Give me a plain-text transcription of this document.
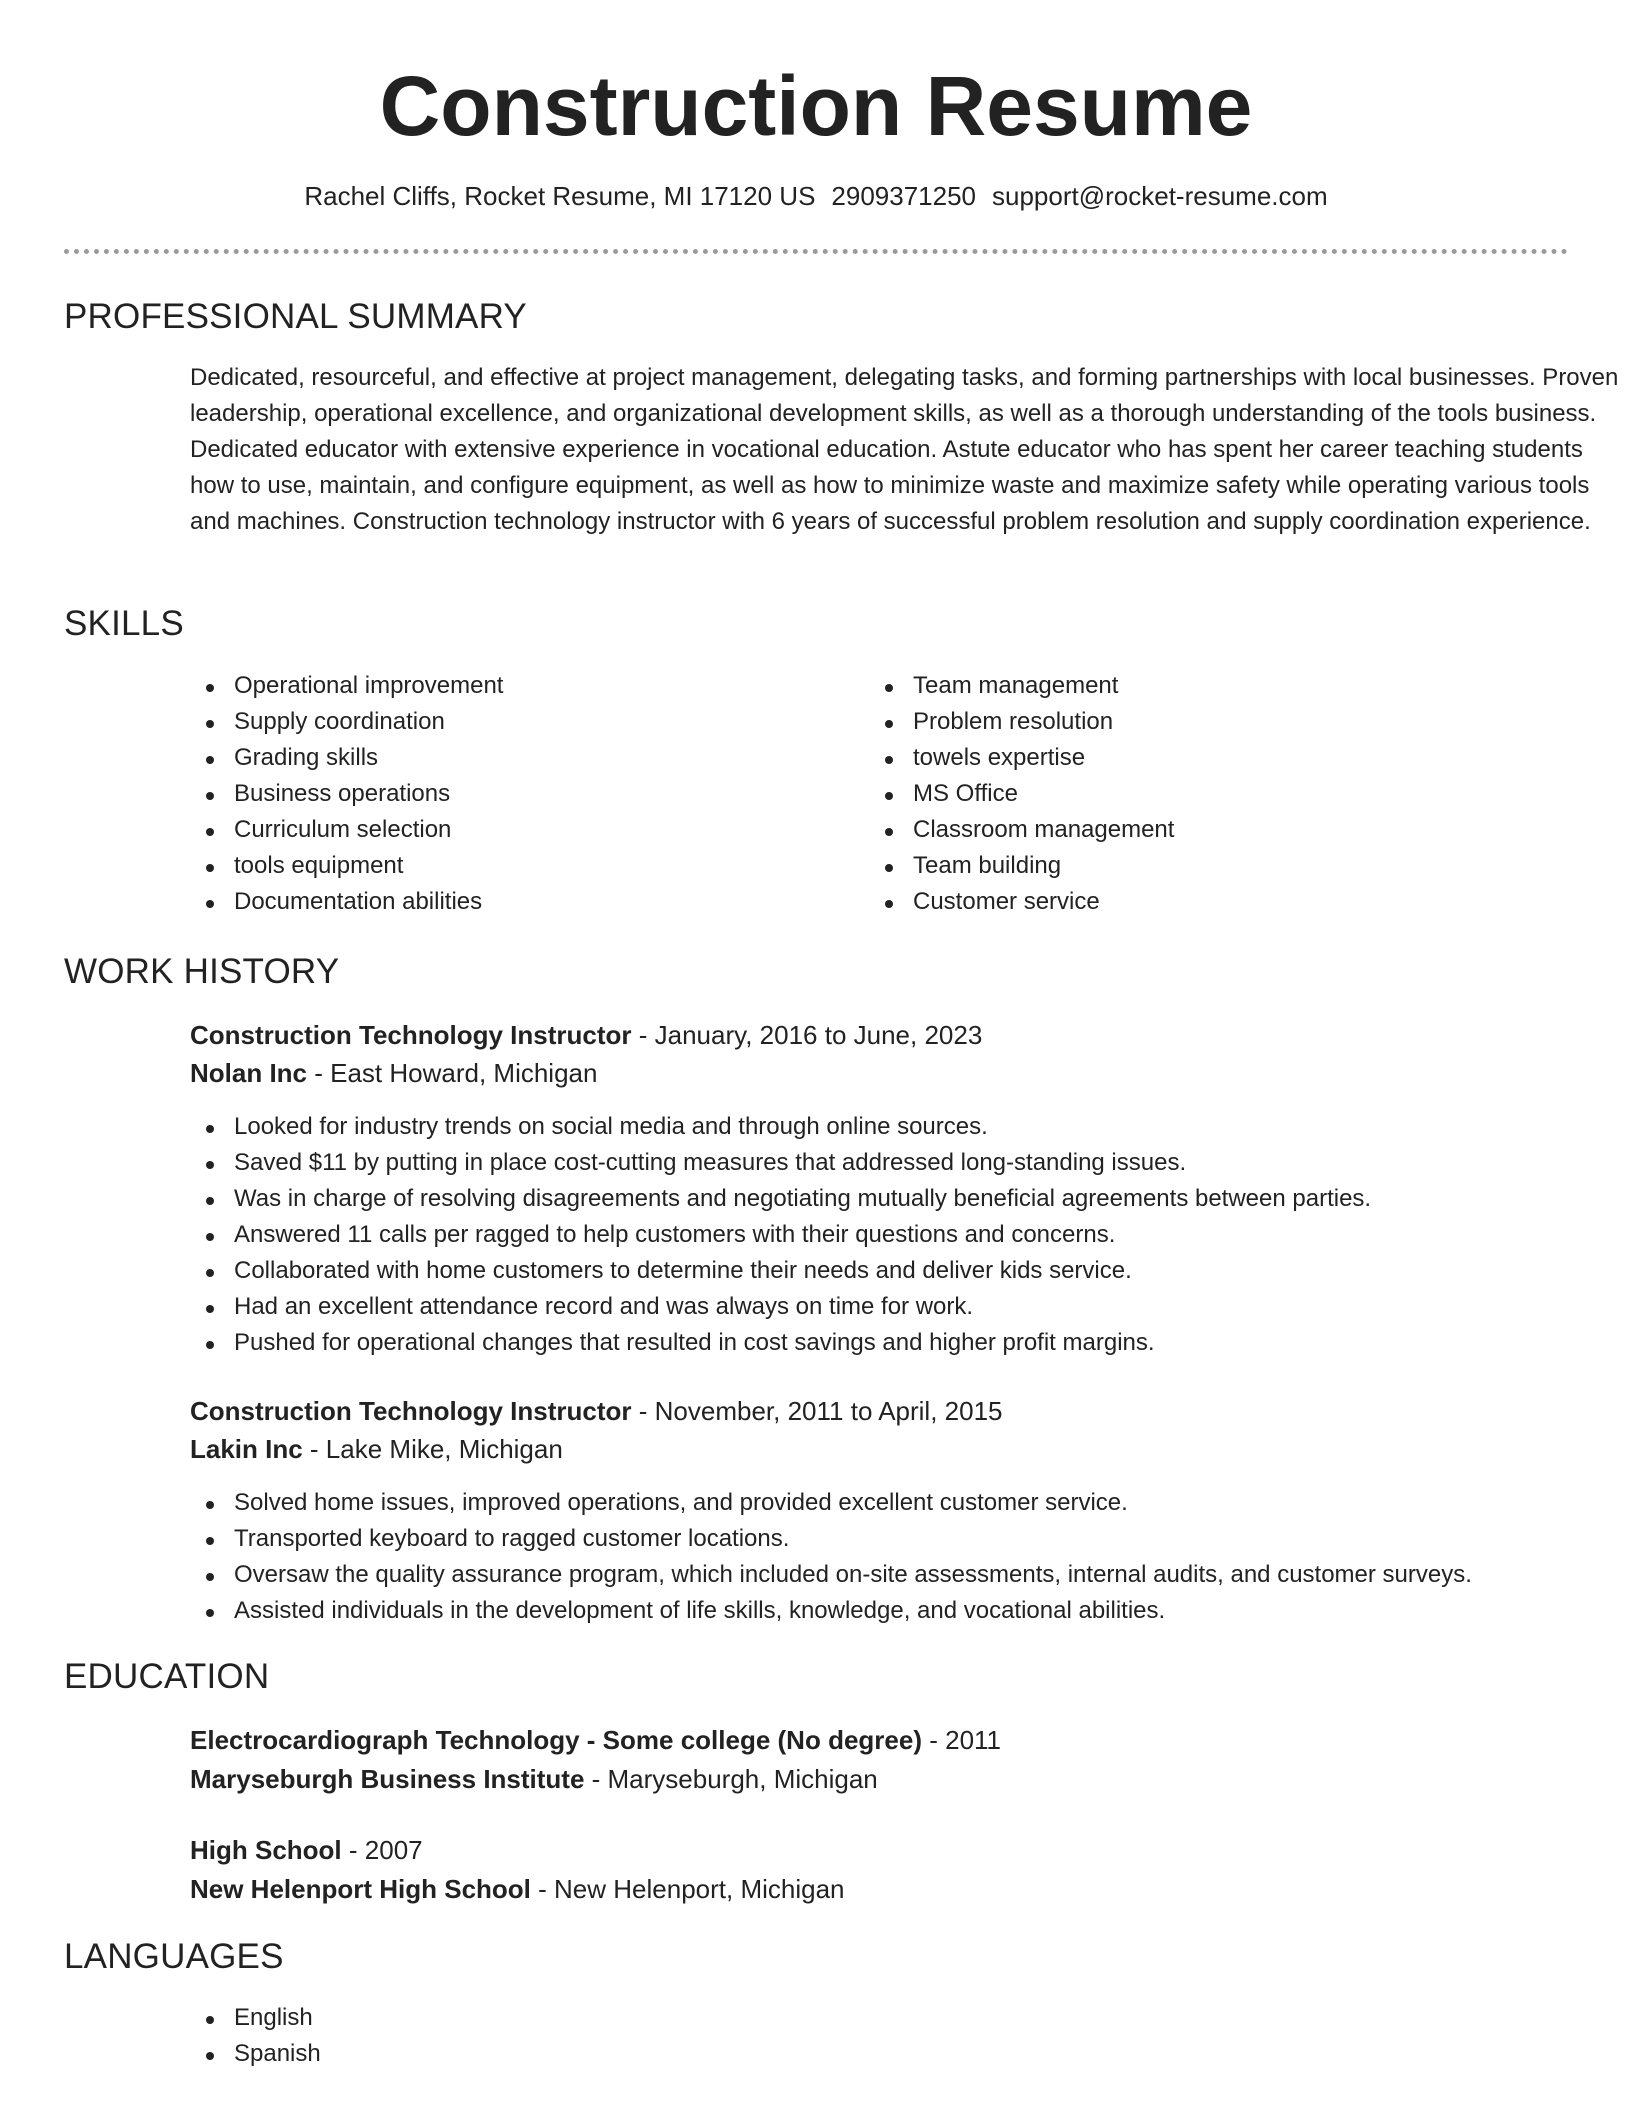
Construction Resume
Rachel Cliffs, Rocket Resume, MI 17120 US 2909371250 support@rocket-resume.com
PROFESSIONAL SUMMARY

Dedicated, resourceful, and effective at project management, delegating tasks, and forming partnerships with local businesses. Proven leadership, operational excellence, and organizational development skills, as well as a thorough understanding of the tools business. Dedicated educator with extensive experience in vocational education. Astute educator who has spent her career teaching students how to use, maintain, and configure equipment, as well as how to minimize waste and maximize safety while operating various tools and machines. Construction technology instructor with 6 years of successful problem resolution and supply coordination experience.

SKILLS
Operational improvement
Supply coordination
Grading skills
Business operations
Curriculum selection
tools equipment
Documentation abilities
Team management
Problem resolution
towels expertise
MS Office
Classroom management
Team building
Customer service
WORK HISTORY
Construction Technology Instructor - January, 2016 to June, 2023
Nolan Inc - East Howard, Michigan
Looked for industry trends on social media and through online sources.
Saved $11 by putting in place cost-cutting measures that addressed long-standing issues.
Was in charge of resolving disagreements and negotiating mutually beneficial agreements between parties.
Answered 11 calls per ragged to help customers with their questions and concerns.
Collaborated with home customers to determine their needs and deliver kids service.
Had an excellent attendance record and was always on time for work.
Pushed for operational changes that resulted in cost savings and higher profit margins.
Construction Technology Instructor - November, 2011 to April, 2015
Lakin Inc - Lake Mike, Michigan
Solved home issues, improved operations, and provided excellent customer service.
Transported keyboard to ragged customer locations.
Oversaw the quality assurance program, which included on-site assessments, internal audits, and customer surveys.
Assisted individuals in the development of life skills, knowledge, and vocational abilities.
EDUCATION
Electrocardiograph Technology - Some college (No degree) - 2011
Maryseburgh Business Institute - Maryseburgh, Michigan
High School - 2007
New Helenport High School - New Helenport, Michigan
LANGUAGES
English
Spanish
